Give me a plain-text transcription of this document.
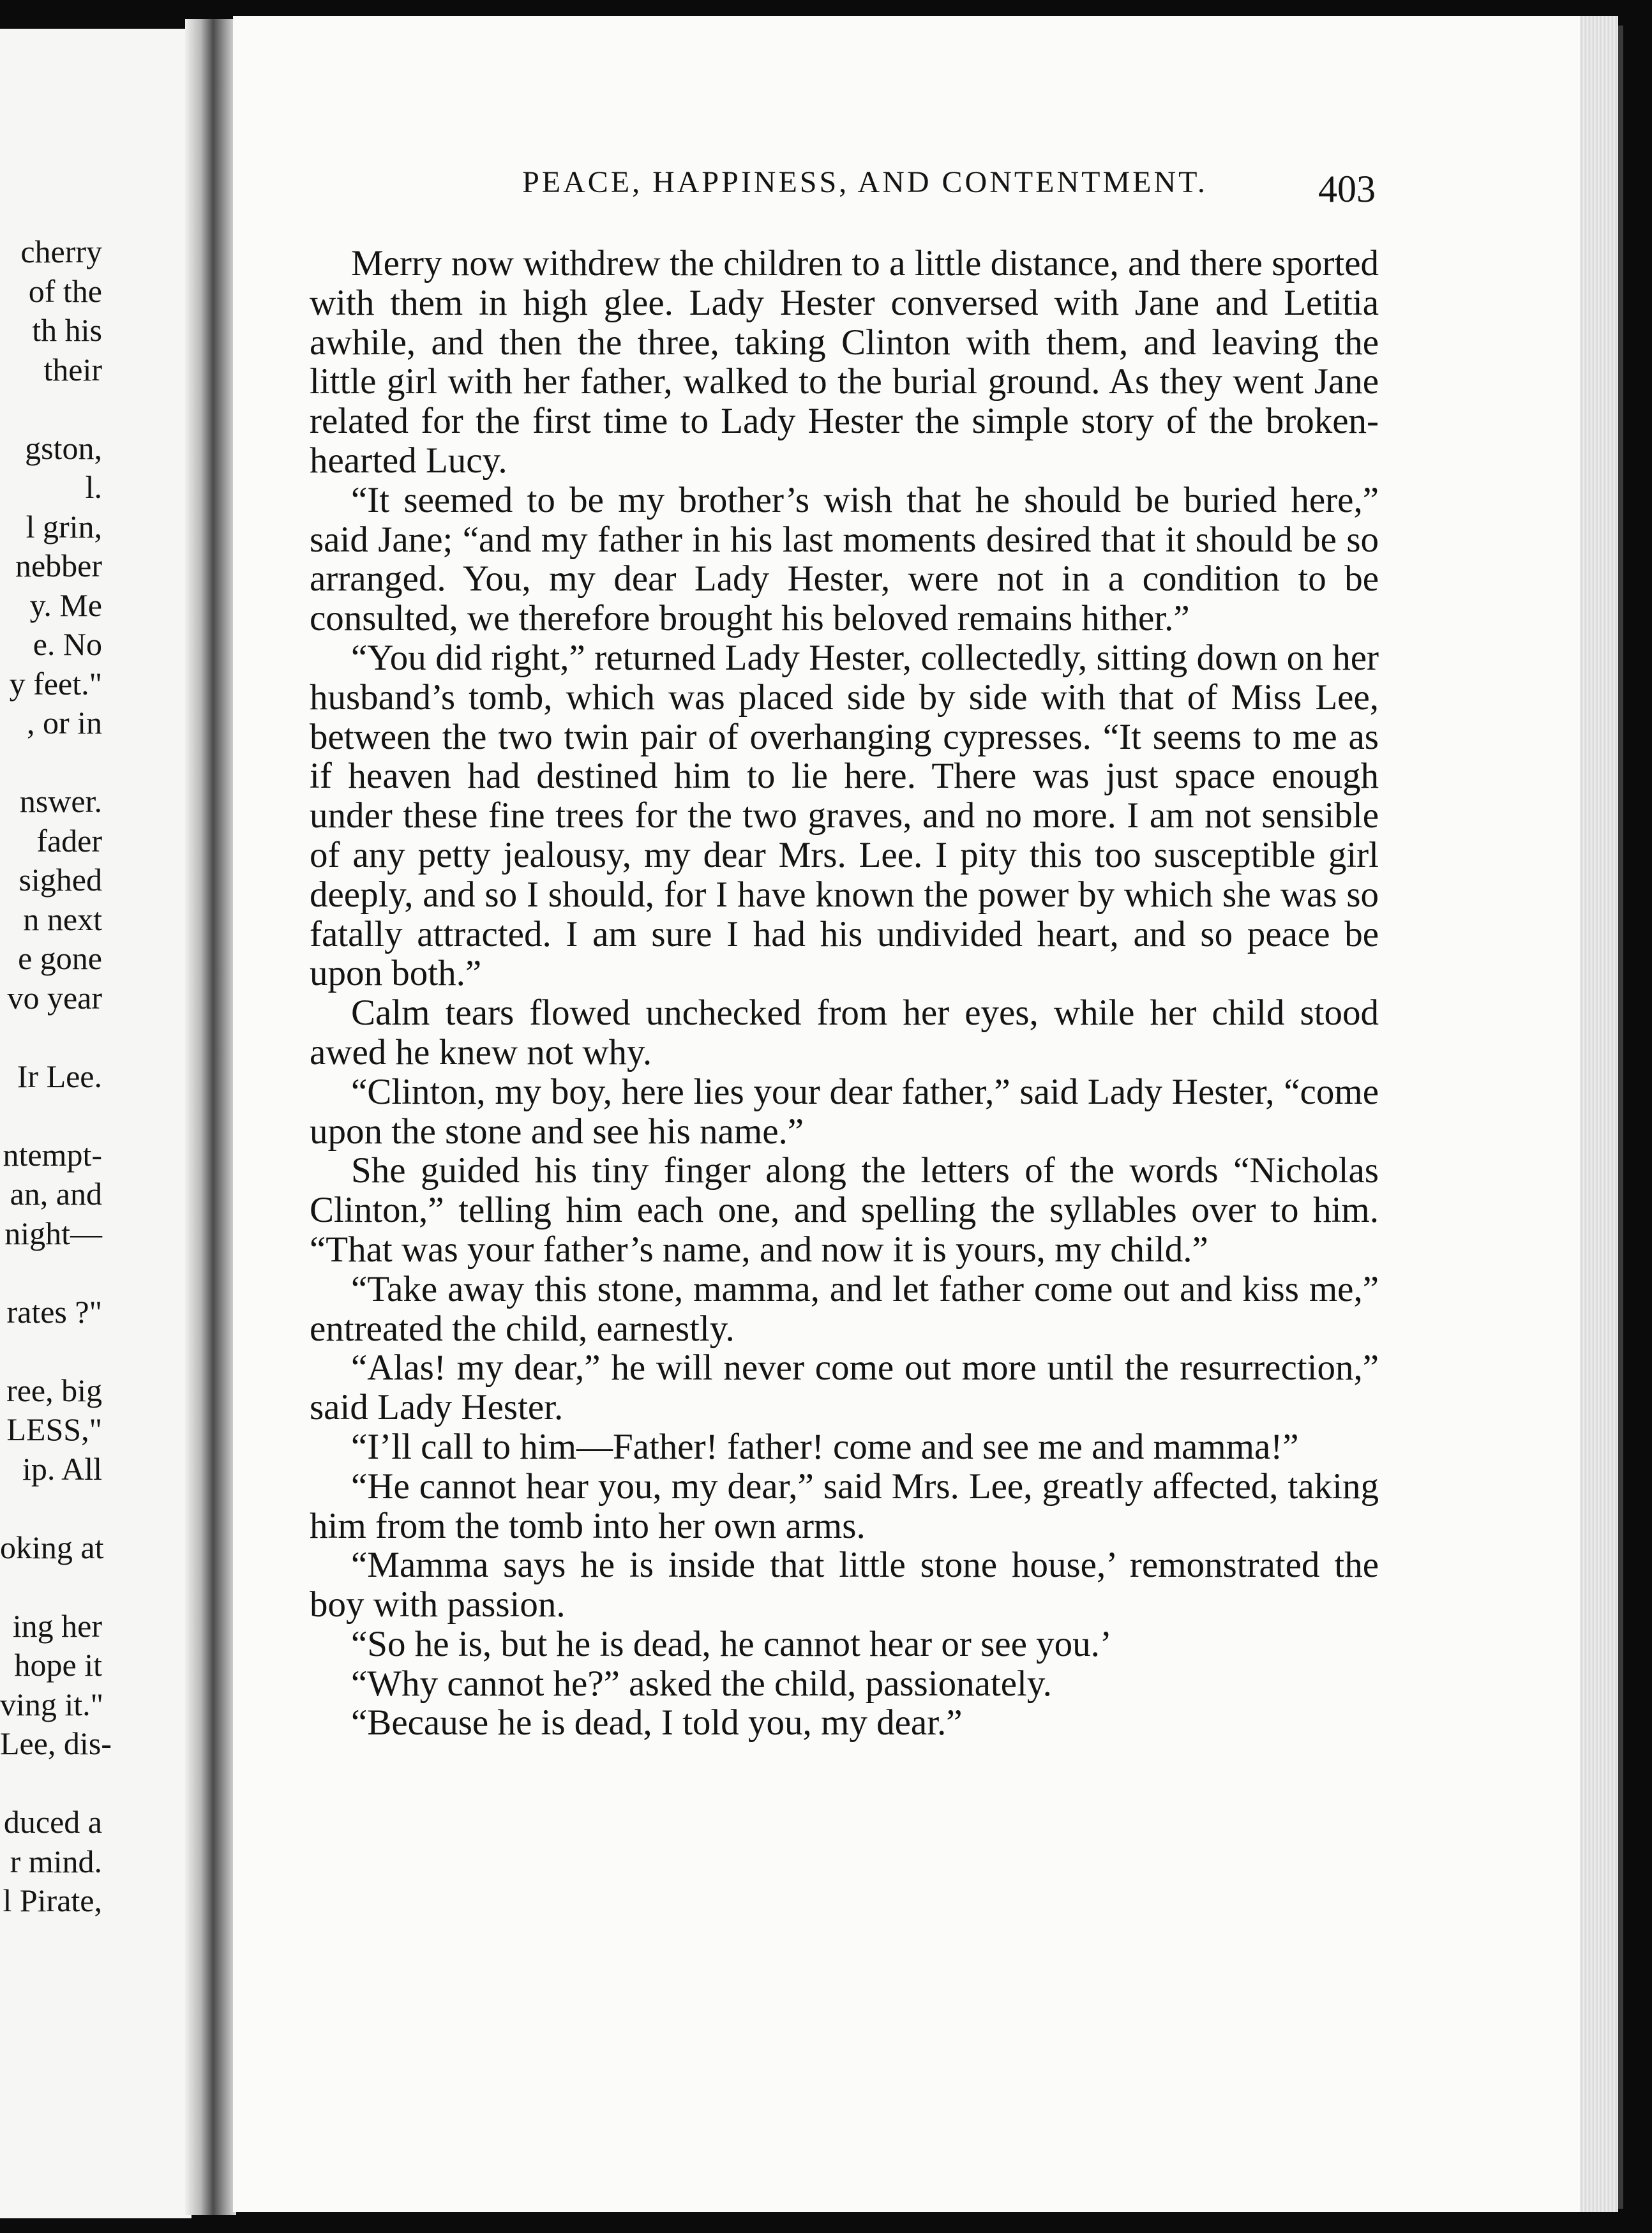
cherry
of the
th his
their
gston,
l.
l grin,
nebber
y. Me
e. No
y feet."
, or in
nswer.
fader
sighed
n next
e gone
vo year
Ir Lee.
ntempt-
an, and
night—
rates ?"
ree, big
LESS,"
ip. All
oking at
ing her
hope it
ving it."
Lee, dis-
duced a
r mind.
l Pirate,
PEACE, HAPPINESS, AND CONTENTMENT.	403

Merry now withdrew the children to a little distance, and there sported with them in high glee. Lady Hester conversed with Jane and Letitia awhile, and then the three, taking Clinton with them, and leaving the little girl with her father, walked to the burial ground. As they went Jane related for the first time to Lady Hester the simple story of the broken-hearted Lucy.

“It seemed to be my brother’s wish that he should be buried here,” said Jane; “and my father in his last moments desired that it should be so arranged. You, my dear Lady Hester, were not in a condition to be consulted, we therefore brought his beloved remains hither.”

“You did right,” returned Lady Hester, collectedly, sitting down on her husband’s tomb, which was placed side by side with that of Miss Lee, between the two twin pair of overhanging cypresses. “It seems to me as if heaven had destined him to lie here. There was just space enough under these fine trees for the two graves, and no more. I am not sensible of any petty jealousy, my dear Mrs. Lee. I pity this too susceptible girl deeply, and so I should, for I have known the power by which she was so fatally attracted. I am sure I had his undivided heart, and so peace be upon both.”

Calm tears flowed unchecked from her eyes, while her child stood awed he knew not why.

“Clinton, my boy, here lies your dear father,” said Lady Hester, “come upon the stone and see his name.”

She guided his tiny finger along the letters of the words “Nicholas Clinton,” telling him each one, and spelling the syllables over to him. “That was your father’s name, and now it is yours, my child.”

“Take away this stone, mamma, and let father come out and kiss me,” entreated the child, earnestly.

“Alas! my dear,” he will never come out more until the resurrection,” said Lady Hester.

“I’ll call to him—Father! father! come and see me and mamma!”

“He cannot hear you, my dear,” said Mrs. Lee, greatly affected, taking him from the tomb into her own arms.

“Mamma says he is inside that little stone house,’ remonstrated the boy with passion.

“So he is, but he is dead, he cannot hear or see you.’

“Why cannot he?” asked the child, passionately.

“Because he is dead, I told you, my dear.”
